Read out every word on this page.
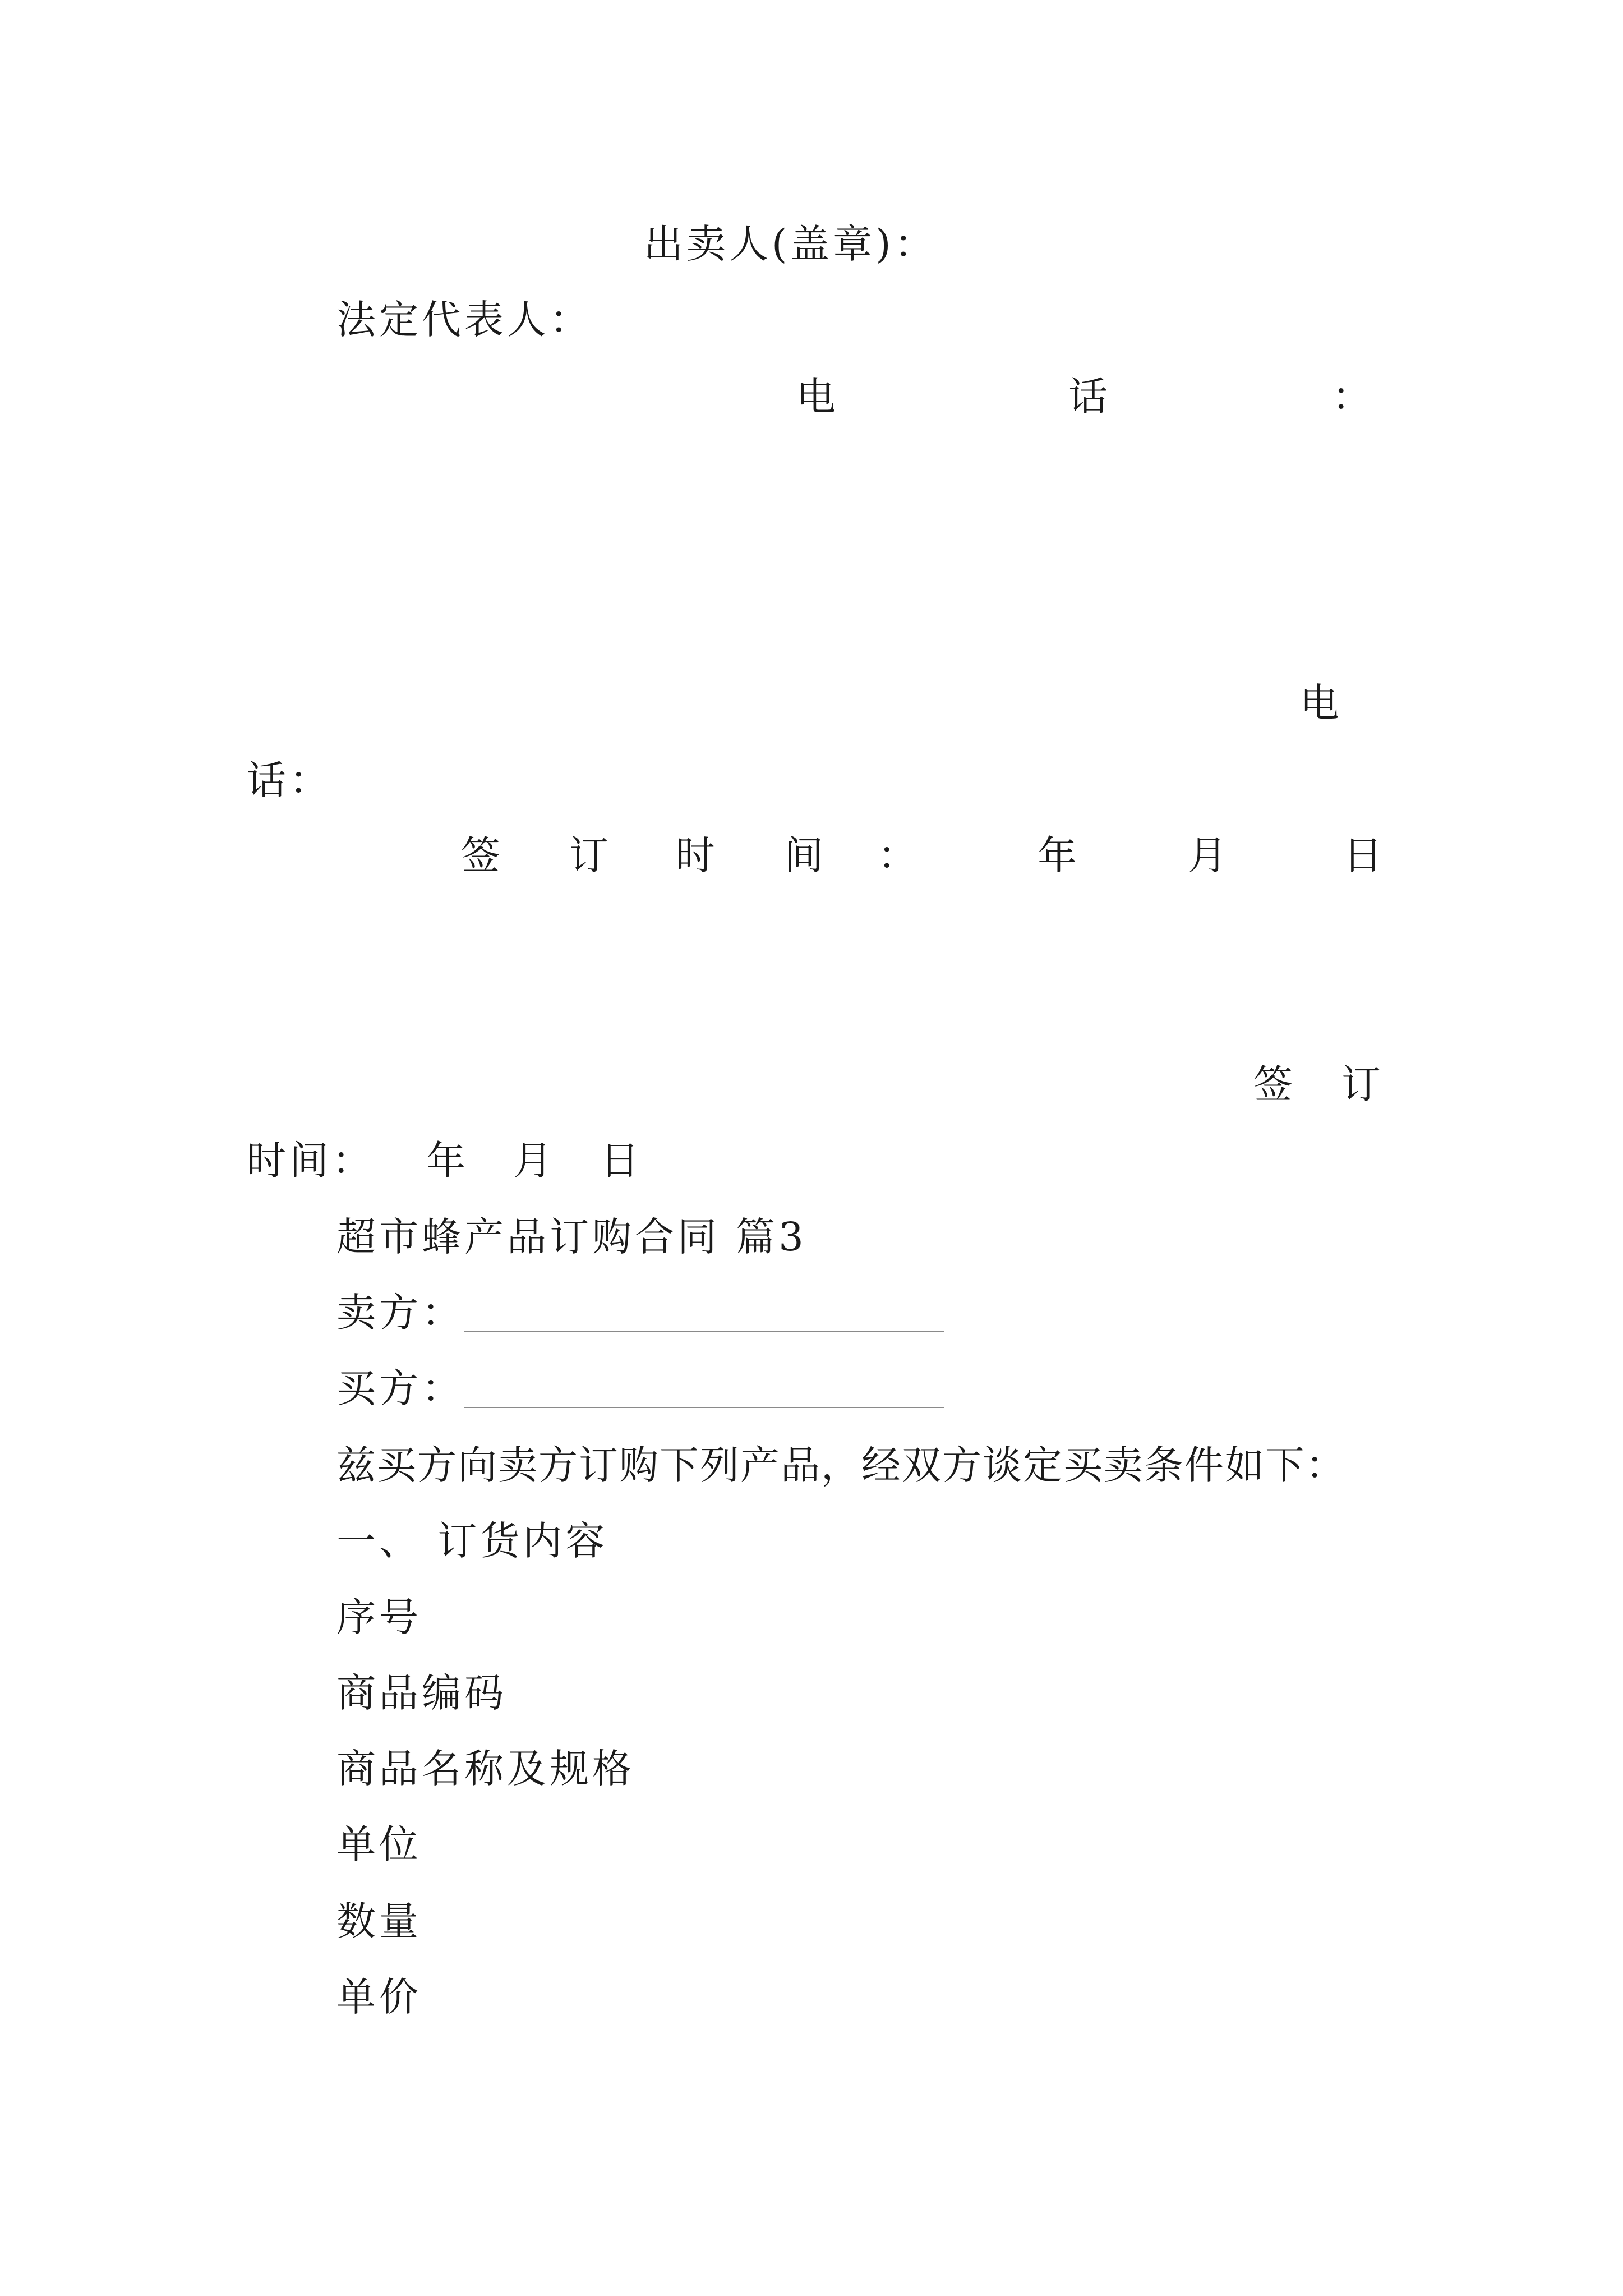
出卖人(盖章)：
法定代表人：
电	话	：
电
话：
签 订 时 间 ：	年	月	日
签 订
时间： 年 月 日
超市蜂产品订购合同 篇3
卖方：
买方：
兹买方向卖方订购下列产品，经双方谈定买卖条件如下：
一、 订货内容
序号
商品编码
商品名称及规格
单位
数量
单价
